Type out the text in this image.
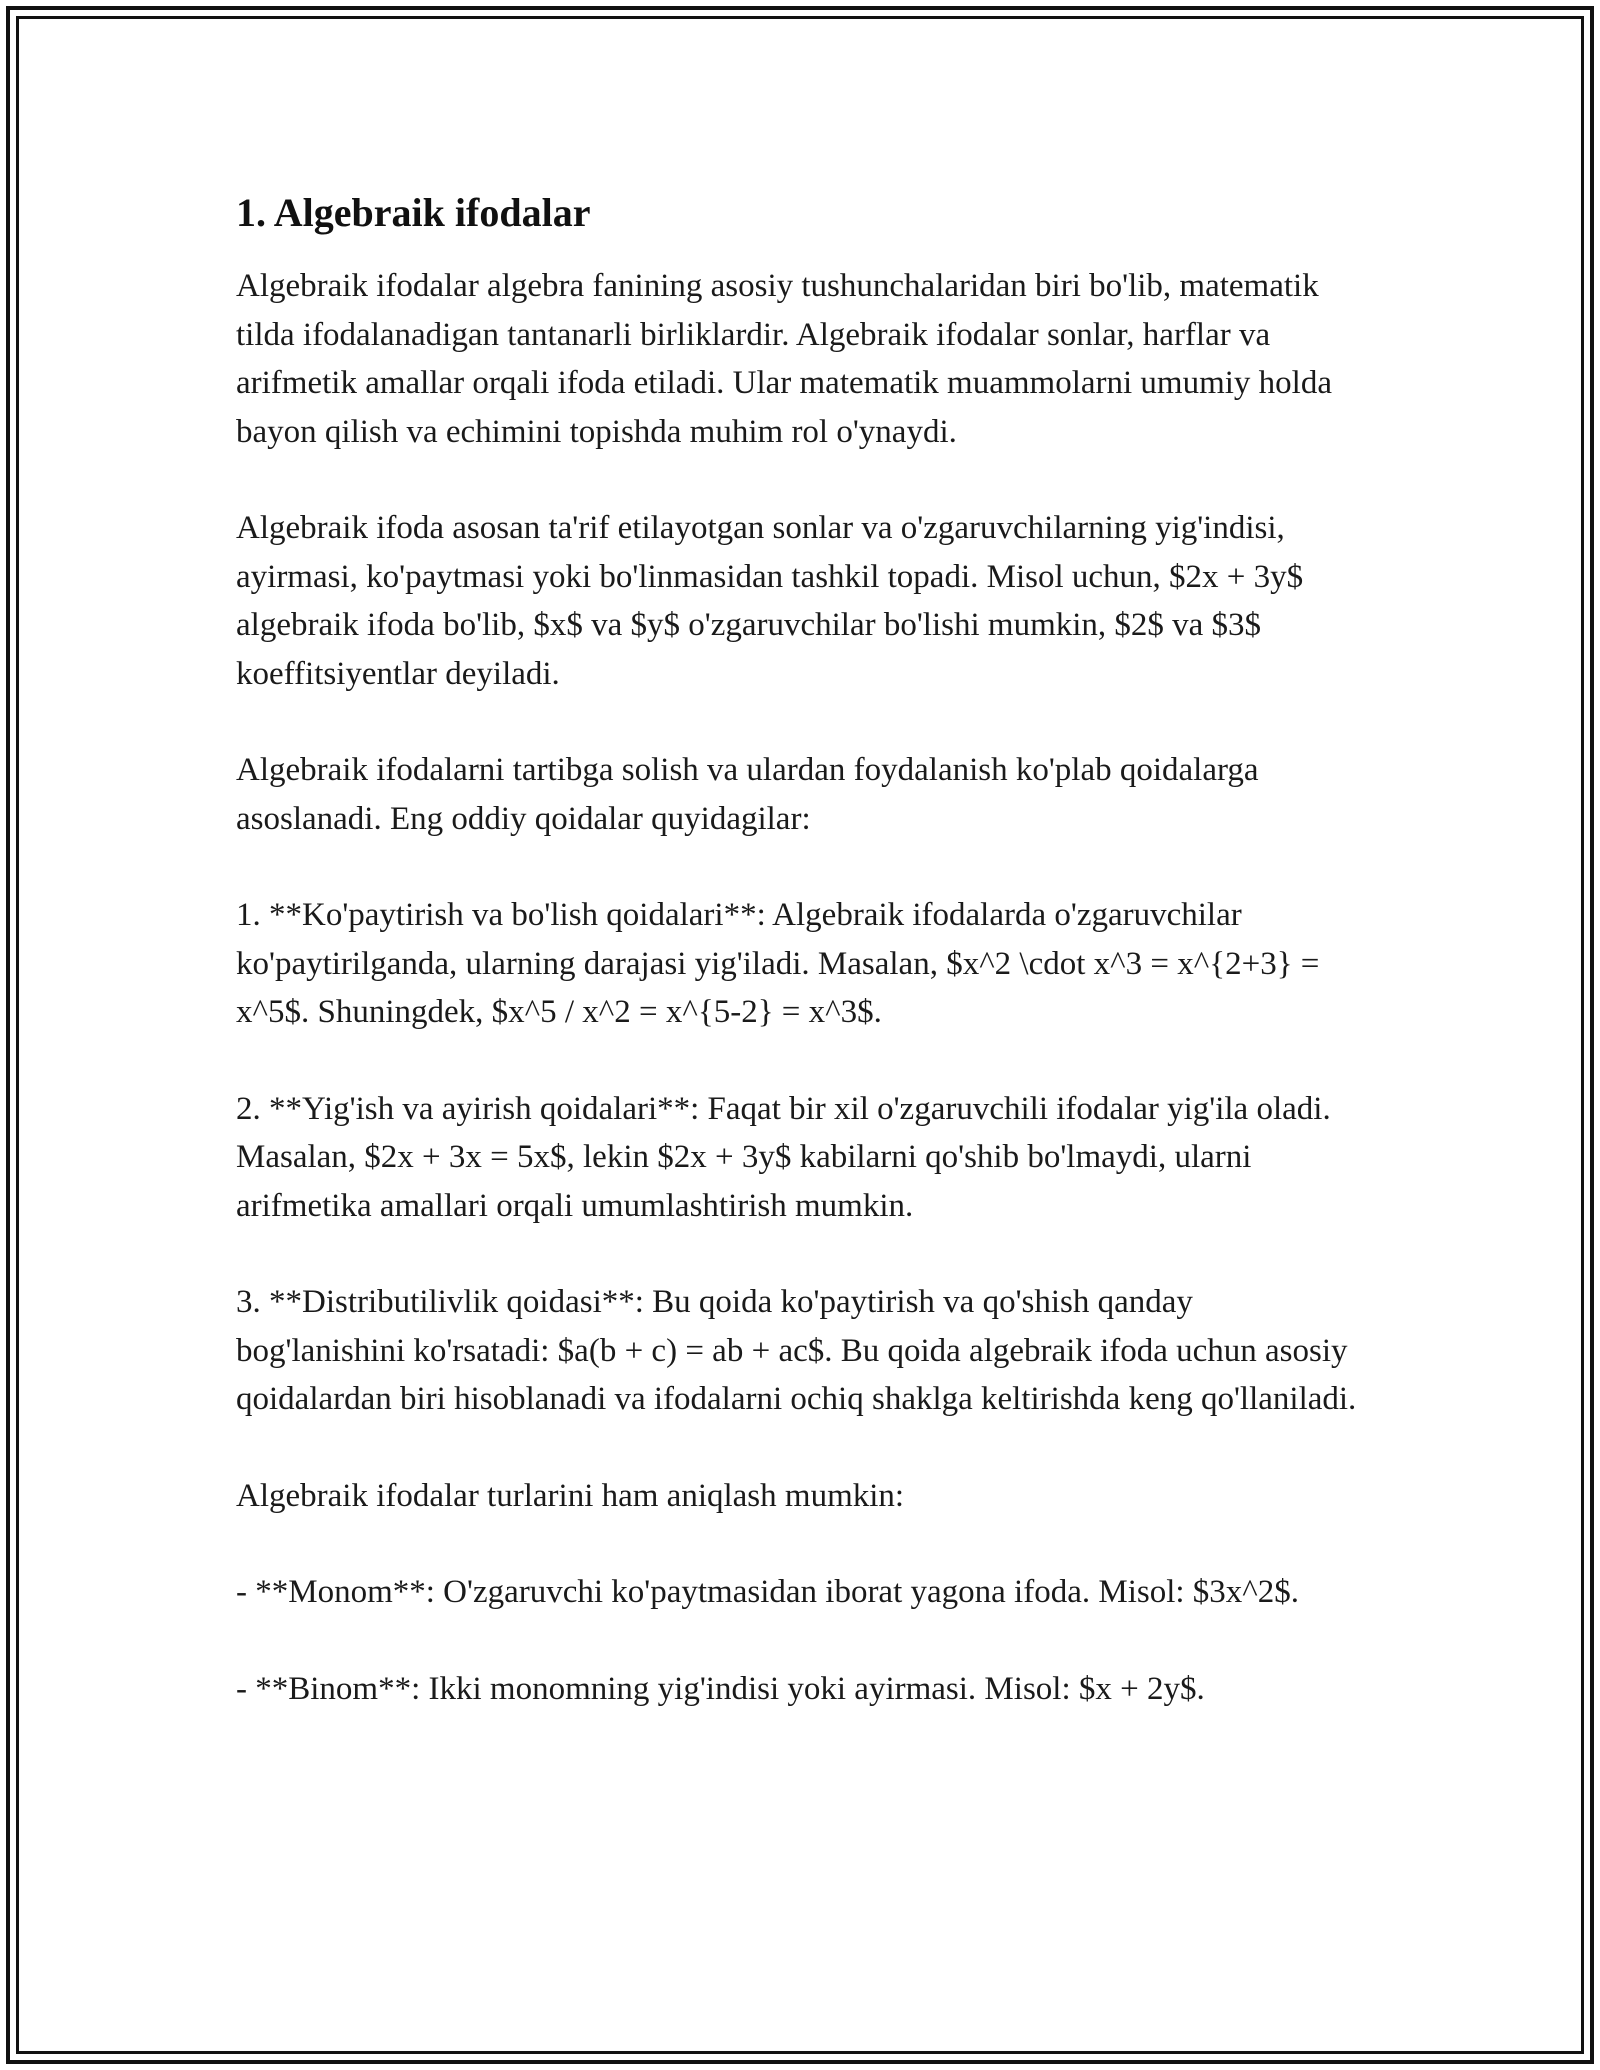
1. Algebraik ifodalar

Algebraik ifodalar algebra fanining asosiy tushunchalaridan biri bo'lib, matematik tilda ifodalanadigan tantanarli birliklardir. Algebraik ifodalar sonlar, harflar va arifmetik amallar orqali ifoda etiladi. Ular matematik muammolarni umumiy holda bayon qilish va echimini topishda muhim rol o'ynaydi.

Algebraik ifoda asosan ta'rif etilayotgan sonlar va o'zgaruvchilarning yig'indisi, ayirmasi, ko'paytmasi yoki bo'linmasidan tashkil topadi. Misol uchun, $2x + 3y$ algebraik ifoda bo'lib, $x$ va $y$ o'zgaruvchilar bo'lishi mumkin, $2$ va $3$ koeffitsiyentlar deyiladi.

Algebraik ifodalarni tartibga solish va ulardan foydalanish ko'plab qoidalarga asoslanadi. Eng oddiy qoidalar quyidagilar:

1. **Ko'paytirish va bo'lish qoidalari**: Algebraik ifodalarda o'zgaruvchilar ko'paytirilganda, ularning darajasi yig'iladi. Masalan, $x^2 \cdot x^3 = x^{2+3} = x^5$. Shuningdek, $x^5 / x^2 = x^{5-2} = x^3$.

2. **Yig'ish va ayirish qoidalari**: Faqat bir xil o'zgaruvchili ifodalar yig'ila oladi. Masalan, $2x + 3x = 5x$, lekin $2x + 3y$ kabilarni qo'shib bo'lmaydi, ularni arifmetika amallari orqali umumlashtirish mumkin.

3. **Distributilivlik qoidasi**: Bu qoida ko'paytirish va qo'shish qanday bog'lanishini ko'rsatadi: $a(b + c) = ab + ac$. Bu qoida algebraik ifoda uchun asosiy qoidalardan biri hisoblanadi va ifodalarni ochiq shaklga keltirishda keng qo'llaniladi.

Algebraik ifodalar turlarini ham aniqlash mumkin:

- **Monom**: O'zgaruvchi ko'paytmasidan iborat yagona ifoda. Misol: $3x^2$.

- **Binom**: Ikki monomning yig'indisi yoki ayirmasi. Misol: $x + 2y$.
